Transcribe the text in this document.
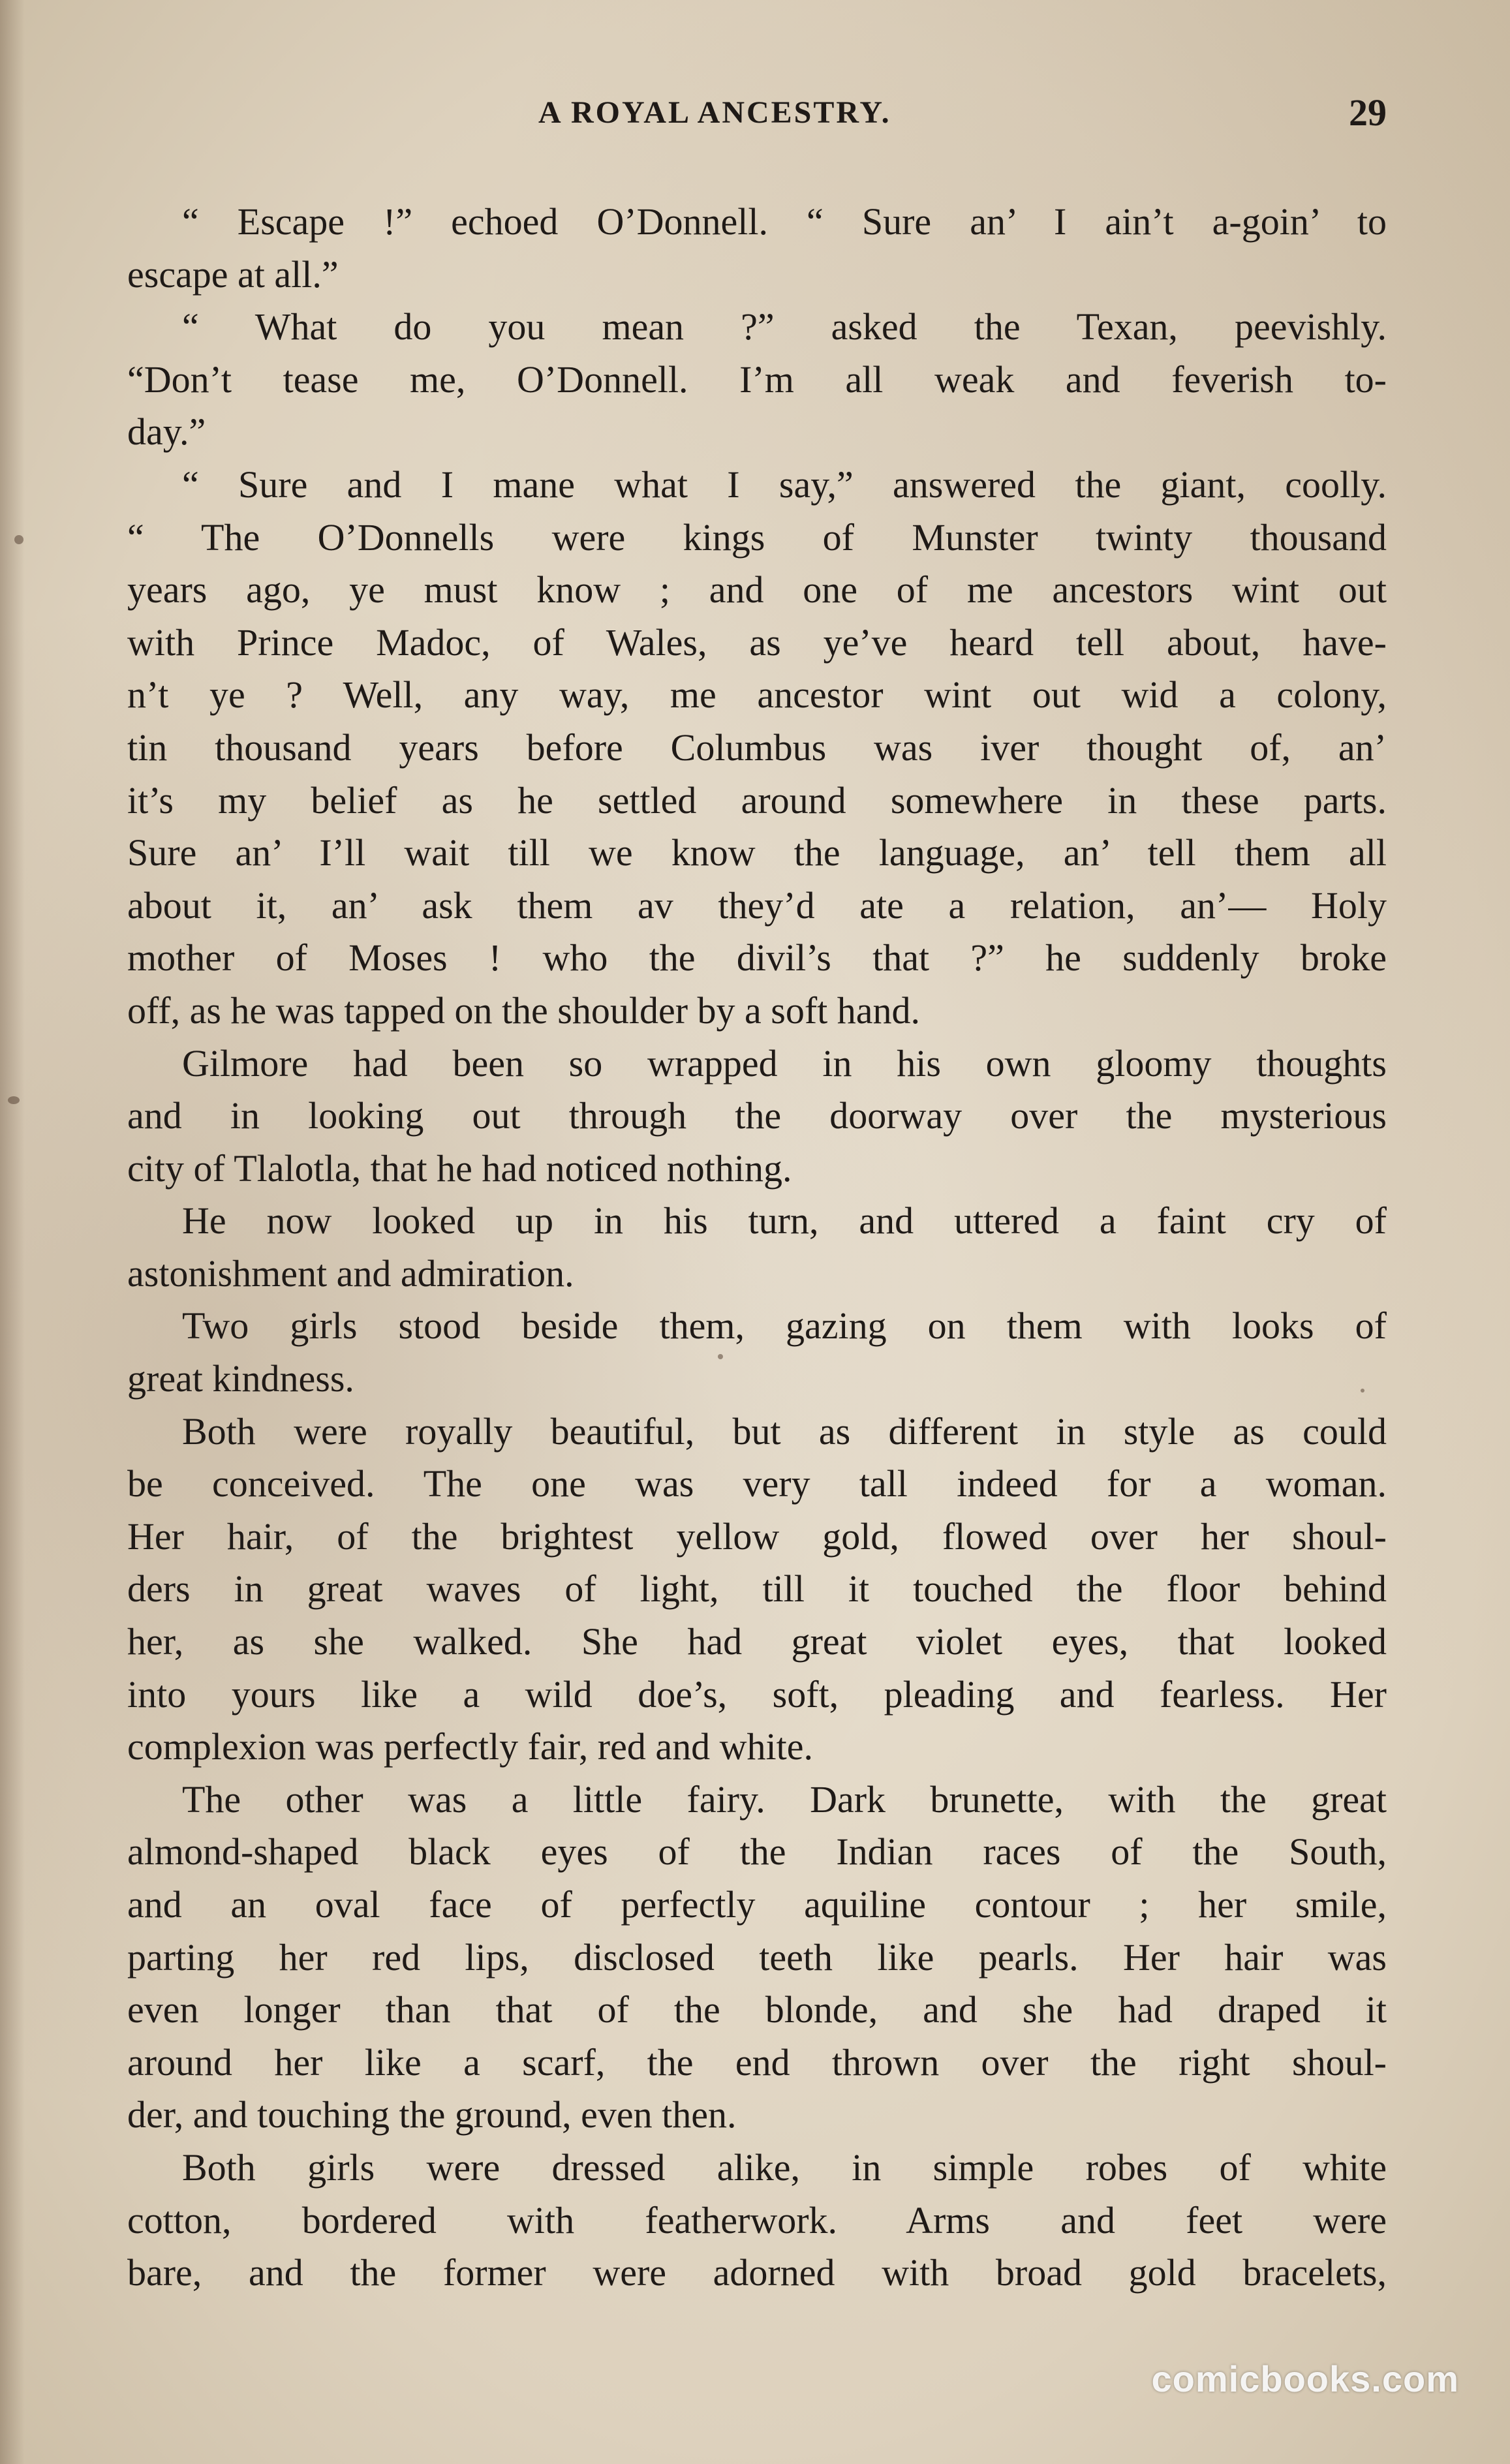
A ROYAL ANCESTRY.	29
“ Escape !” echoed O’Donnell. “ Sure an’ I ain’t a-goin’ to
escape at all.”
“ What do you mean ?” asked the Texan, peevishly.
“Don’t tease me, O’Donnell. I’m all weak and feverish to-
day.”
“ Sure and I mane what I say,” answered the giant, coolly.
“ The O’Donnells were kings of Munster twinty thousand
years ago, ye must know ; and one of me ancestors wint out
with Prince Madoc, of Wales, as ye’ve heard tell about, have-
n’t ye ? Well, any way, me ancestor wint out wid a colony,
tin thousand years before Columbus was iver thought of, an’
it’s my belief as he settled around somewhere in these parts.
Sure an’ I’ll wait till we know the language, an’ tell them all
about it, an’ ask them av they’d ate a relation, an’— Holy
mother of Moses ! who the divil’s that ?” he suddenly broke
off, as he was tapped on the shoulder by a soft hand.
Gilmore had been so wrapped in his own gloomy thoughts
and in looking out through the doorway over the mysterious
city of Tlalotla, that he had noticed nothing.
He now looked up in his turn, and uttered a faint cry of
astonishment and admiration.
Two girls stood beside them, gazing on them with looks of
great kindness.
Both were royally beautiful, but as different in style as could
be conceived. The one was very tall indeed for a woman.
Her hair, of the brightest yellow gold, flowed over her shoul-
ders in great waves of light, till it touched the floor behind
her, as she walked. She had great violet eyes, that looked
into yours like a wild doe’s, soft, pleading and fearless. Her
complexion was perfectly fair, red and white.
The other was a little fairy. Dark brunette, with the great
almond-shaped black eyes of the Indian races of the South,
and an oval face of perfectly aquiline contour ; her smile,
parting her red lips, disclosed teeth like pearls. Her hair was
even longer than that of the blonde, and she had draped it
around her like a scarf, the end thrown over the right shoul-
der, and touching the ground, even then.
Both girls were dressed alike, in simple robes of white
cotton, bordered with featherwork. Arms and feet were
bare, and the former were adorned with broad gold bracelets,
comicbooks.com
